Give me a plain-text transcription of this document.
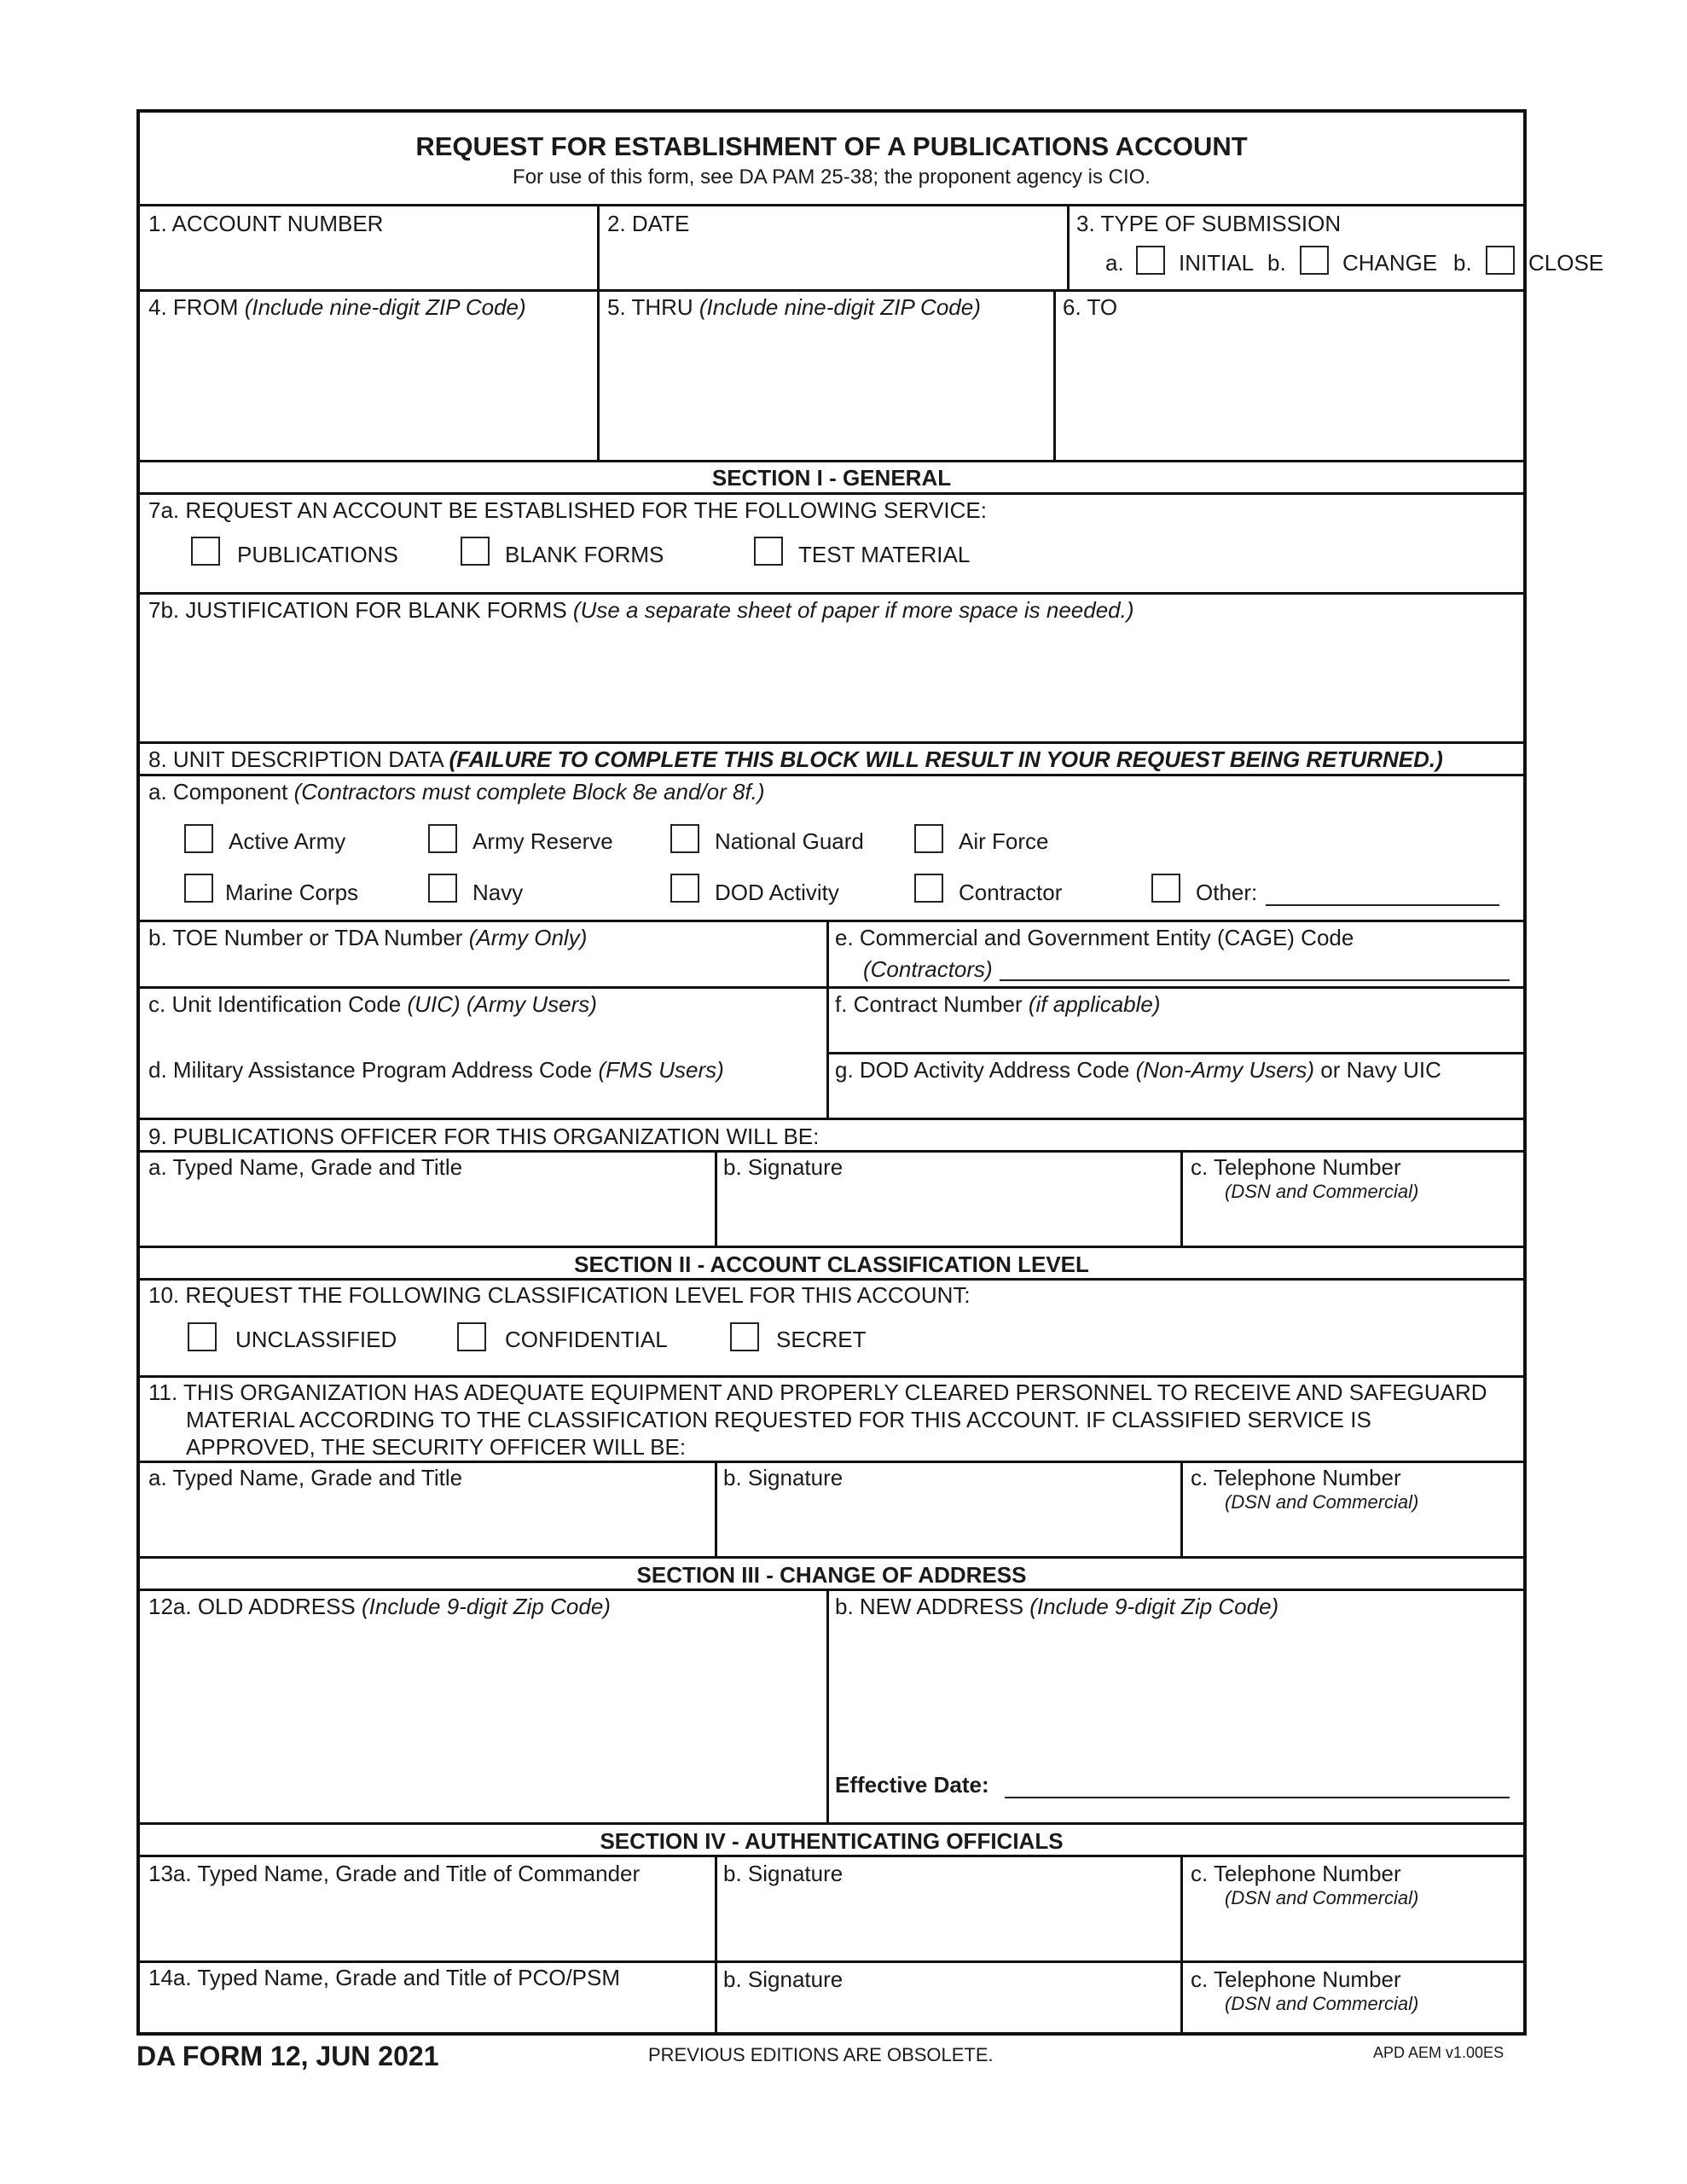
REQUEST FOR ESTABLISHMENT OF A PUBLICATIONS ACCOUNT
For use of this form, see DA PAM 25-38; the proponent agency is CIO.
1. ACCOUNT NUMBER	2. DATE	3. TYPE OF SUBMISSION
a. INITIAL b.	CHANGE b.	CLOSE
4. FROM (Include nine-digit ZIP Code)	5. THRU (Include nine-digit ZIP Code)	6. TO
SECTION I - GENERAL
7a. REQUEST AN ACCOUNT BE ESTABLISHED FOR THE FOLLOWING SERVICE:
PUBLICATIONS	BLANK FORMS	TEST MATERIAL
7b. JUSTIFICATION FOR BLANK FORMS (Use a separate sheet of paper if more space is needed.)
8. UNIT DESCRIPTION DATA (FAILURE TO COMPLETE THIS BLOCK WILL RESULT IN YOUR REQUEST BEING RETURNED.)
a. Component (Contractors must complete Block 8e and/or 8f.)
Active Army	Army Reserve	National Guard	Air Force
Marine Corps	Navy	DOD Activity	Contractor	Other:
b. TOE Number or TDA Number (Army Only)	e. Commercial and Government Entity (CAGE) Code
(Contractors)
c. Unit Identification Code (UIC) (Army Users)	f. Contract Number (if applicable)
d. Military Assistance Program Address Code (FMS Users)	g. DOD Activity Address Code (Non-Army Users) or Navy UIC
9. PUBLICATIONS OFFICER FOR THIS ORGANIZATION WILL BE:
a. Typed Name, Grade and Title	b. Signature	c. Telephone Number
(DSN and Commercial)
SECTION II - ACCOUNT CLASSIFICATION LEVEL
10. REQUEST THE FOLLOWING CLASSIFICATION LEVEL FOR THIS ACCOUNT:
UNCLASSIFIED	CONFIDENTIAL	SECRET
11. THIS ORGANIZATION HAS ADEQUATE EQUIPMENT AND PROPERLY CLEARED PERSONNEL TO RECEIVE AND SAFEGUARD
MATERIAL ACCORDING TO THE CLASSIFICATION REQUESTED FOR THIS ACCOUNT. IF CLASSIFIED SERVICE IS
APPROVED, THE SECURITY OFFICER WILL BE:
a. Typed Name, Grade and Title	b. Signature	c. Telephone Number
(DSN and Commercial)
SECTION III - CHANGE OF ADDRESS
12a. OLD ADDRESS (Include 9-digit Zip Code)	b. NEW ADDRESS (Include 9-digit Zip Code)
Effective Date:
SECTION IV - AUTHENTICATING OFFICIALS
13a. Typed Name, Grade and Title of Commander	b. Signature	c. Telephone Number
(DSN and Commercial)
14a. Typed Name, Grade and Title of PCO/PSM	b. Signature	c. Telephone Number
(DSN and Commercial)
DA FORM 12, JUN 2021	PREVIOUS EDITIONS ARE OBSOLETE.	APD AEM v1.00ES
